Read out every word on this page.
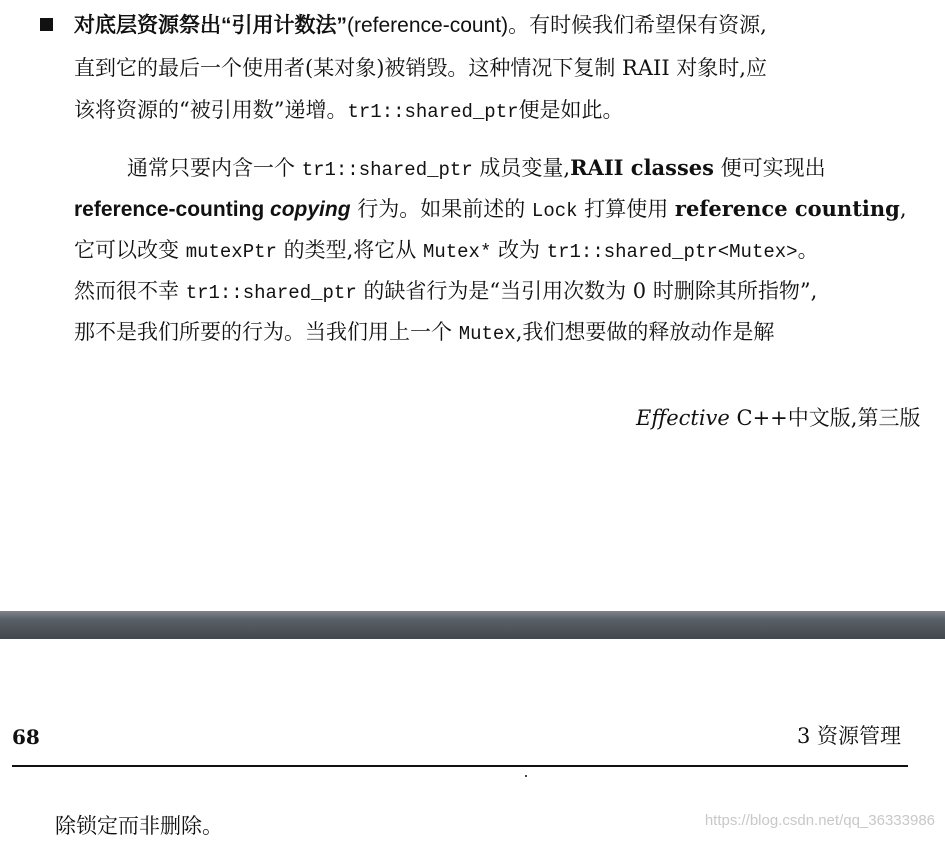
对底层资源祭出“引用计数法”(reference-count)。有时候我们希望保有资源,
直到它的最后一个使用者(某对象)被销毁。这种情况下复制 RAII 对象时,应
该将资源的“被引用数”递增。tr1::shared_ptr便是如此。
通常只要内含一个 tr1::shared_ptr 成员变量,RAII classes 便可实现出
reference-counting copying 行为。如果前述的 Lock 打算使用 reference counting,
它可以改变 mutexPtr 的类型,将它从 Mutex* 改为 tr1::shared_ptr<Mutex>。
然而很不幸 tr1::shared_ptr 的缺省行为是“当引用次数为 0 时删除其所指物”,
那不是我们所要的行为。当我们用上一个 Mutex,我们想要做的释放动作是解
Effective C++中文版,第三版
68	3 资源管理
除锁定而非删除。	https://blog.csdn.net/qq_36333986
